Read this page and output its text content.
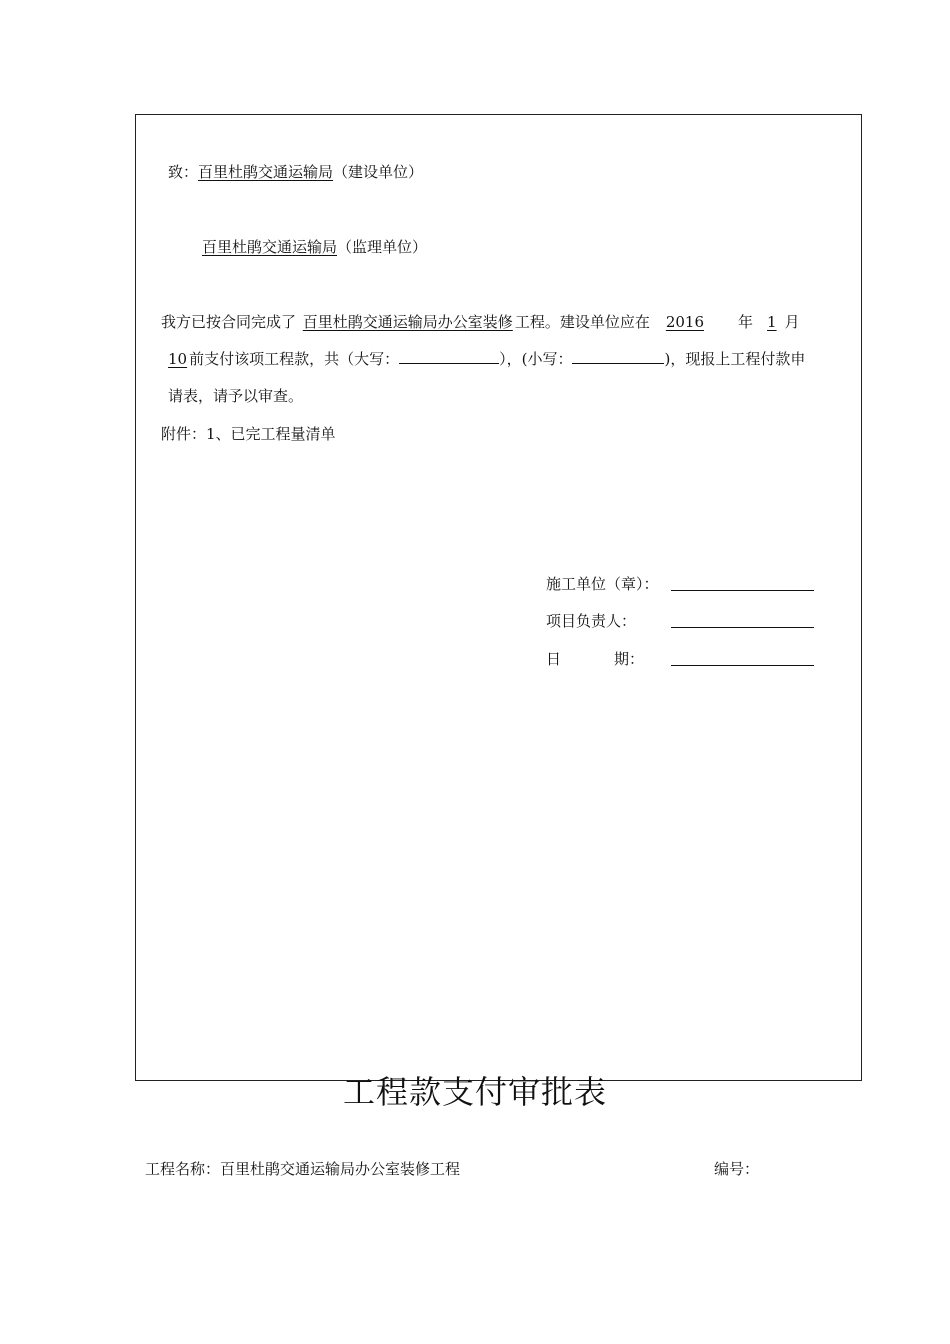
致：百里杜鹃交通运输局（建设单位）
百里杜鹃交通运输局（监理单位）
我方已按合同完成了 百里杜鹃交通运输局办公室装修 工程。建设单位应在 2016 年 1 月
10 前支付该项工程款，共（大写：	），(小写：	)，现报上工程付款申
请表，请予以审查。
附件：1、已完工程量清单
施工单位（章）：
项目负责人：
日	期：
工程款支付审批表
工程名称：百里杜鹃交通运输局办公室装修工程	编号：
